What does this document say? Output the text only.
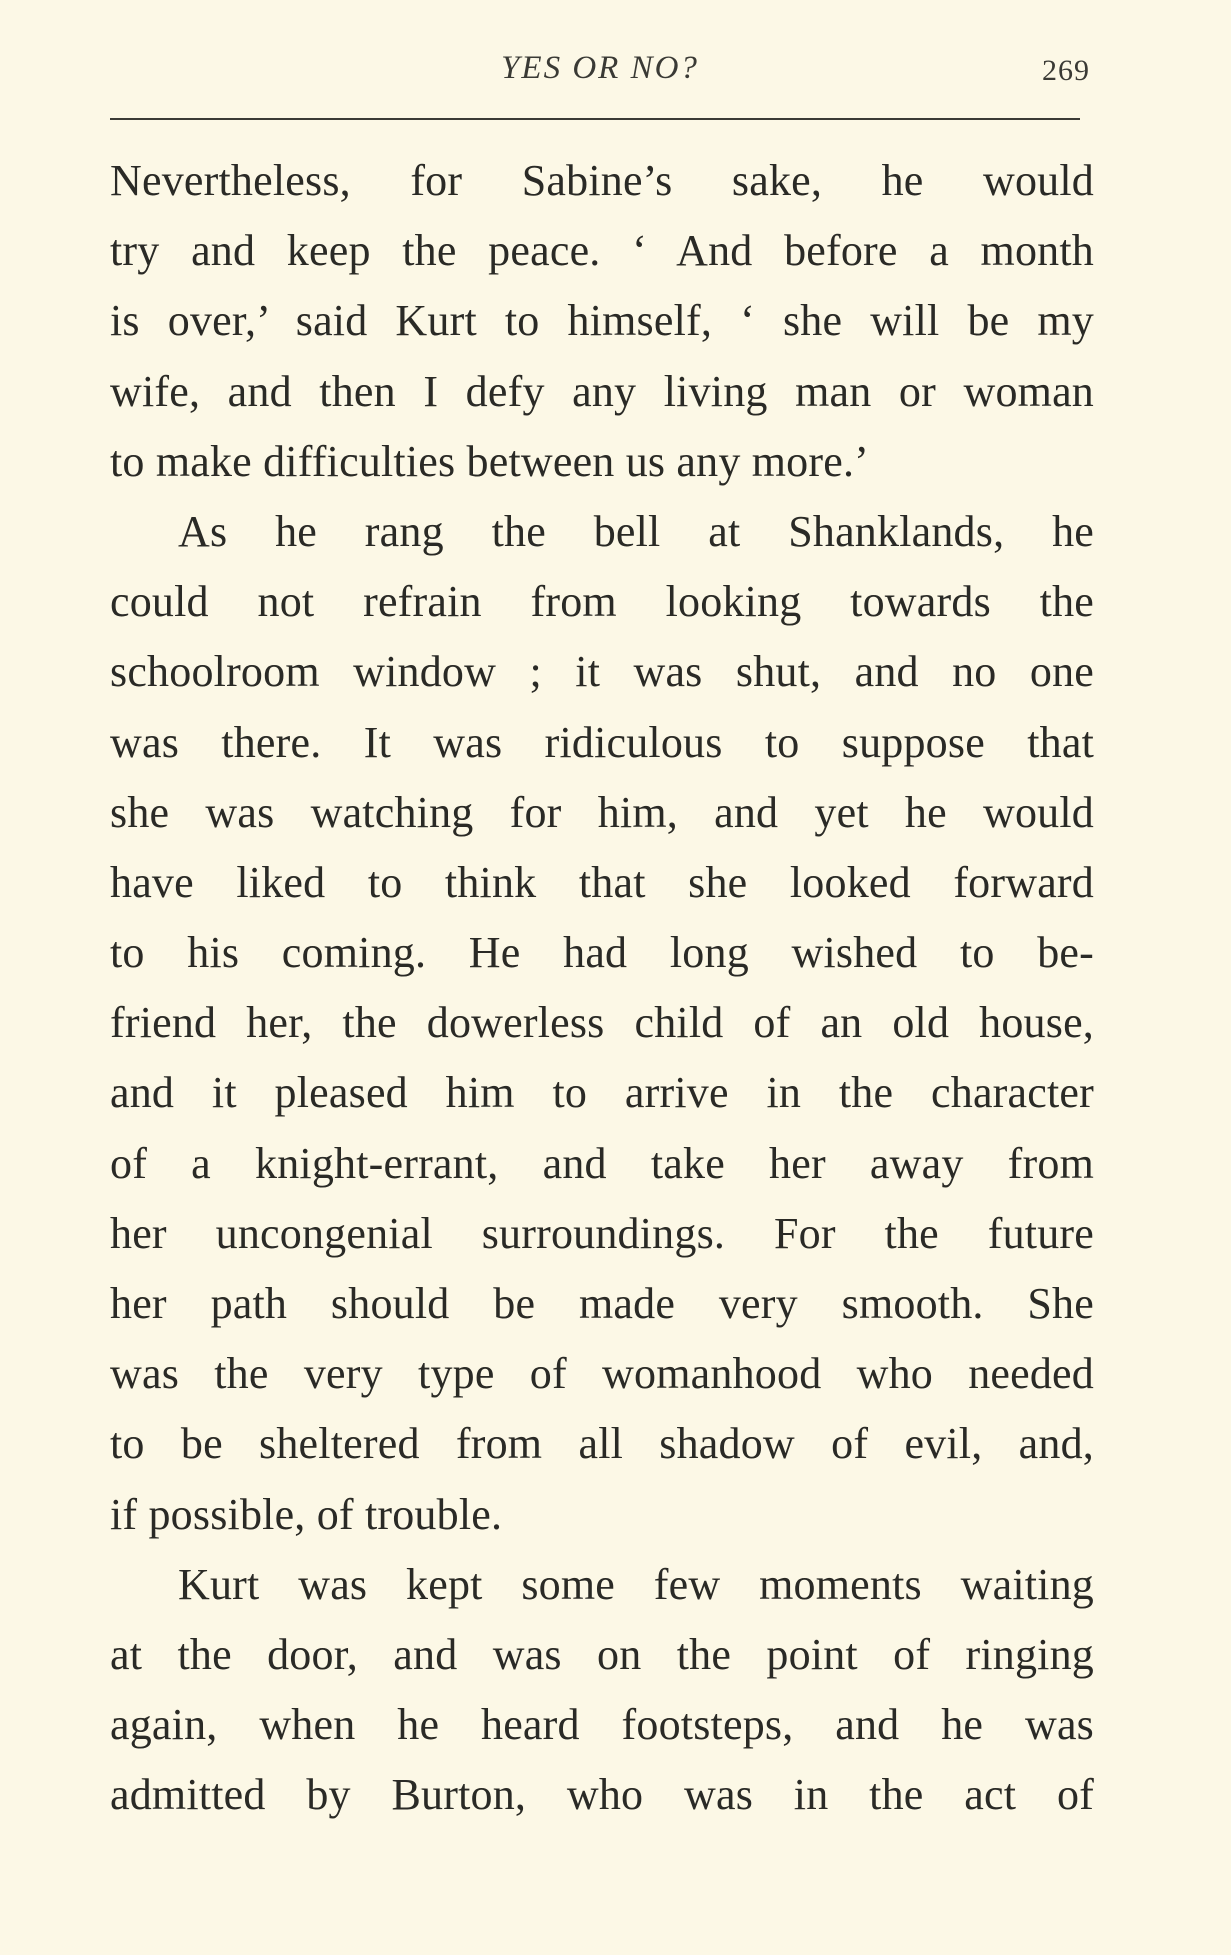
YES OR NO?	269
Nevertheless, for Sabine’s sake, he would
try and keep the peace. ‘ And before a month
is over,’ said Kurt to himself, ‘ she will be my
wife, and then I defy any living man or woman
to make difficulties between us any more.’
As he rang the bell at Shanklands, he
could not refrain from looking towards the
schoolroom window ; it was shut, and no one
was there. It was ridiculous to suppose that
she was watching for him, and yet he would
have liked to think that she looked forward
to his coming. He had long wished to be-
friend her, the dowerless child of an old house,
and it pleased him to arrive in the character
of a knight-errant, and take her away from
her uncongenial surroundings. For the future
her path should be made very smooth. She
was the very type of womanhood who needed
to be sheltered from all shadow of evil, and,
if possible, of trouble.
Kurt was kept some few moments waiting
at the door, and was on the point of ringing
again, when he heard footsteps, and he was
admitted by Burton, who was in the act of
